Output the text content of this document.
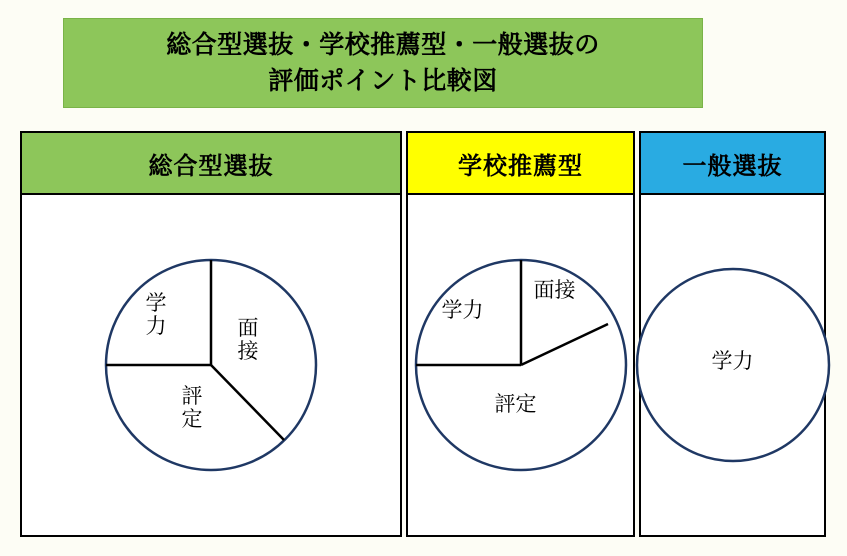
総合型選抜・学校推薦型・一般選抜の
評価ポイント比較図
総合型選抜
学
力	面
接
評
定
学校推薦型
学力
面接
評定
一般選抜
学力
